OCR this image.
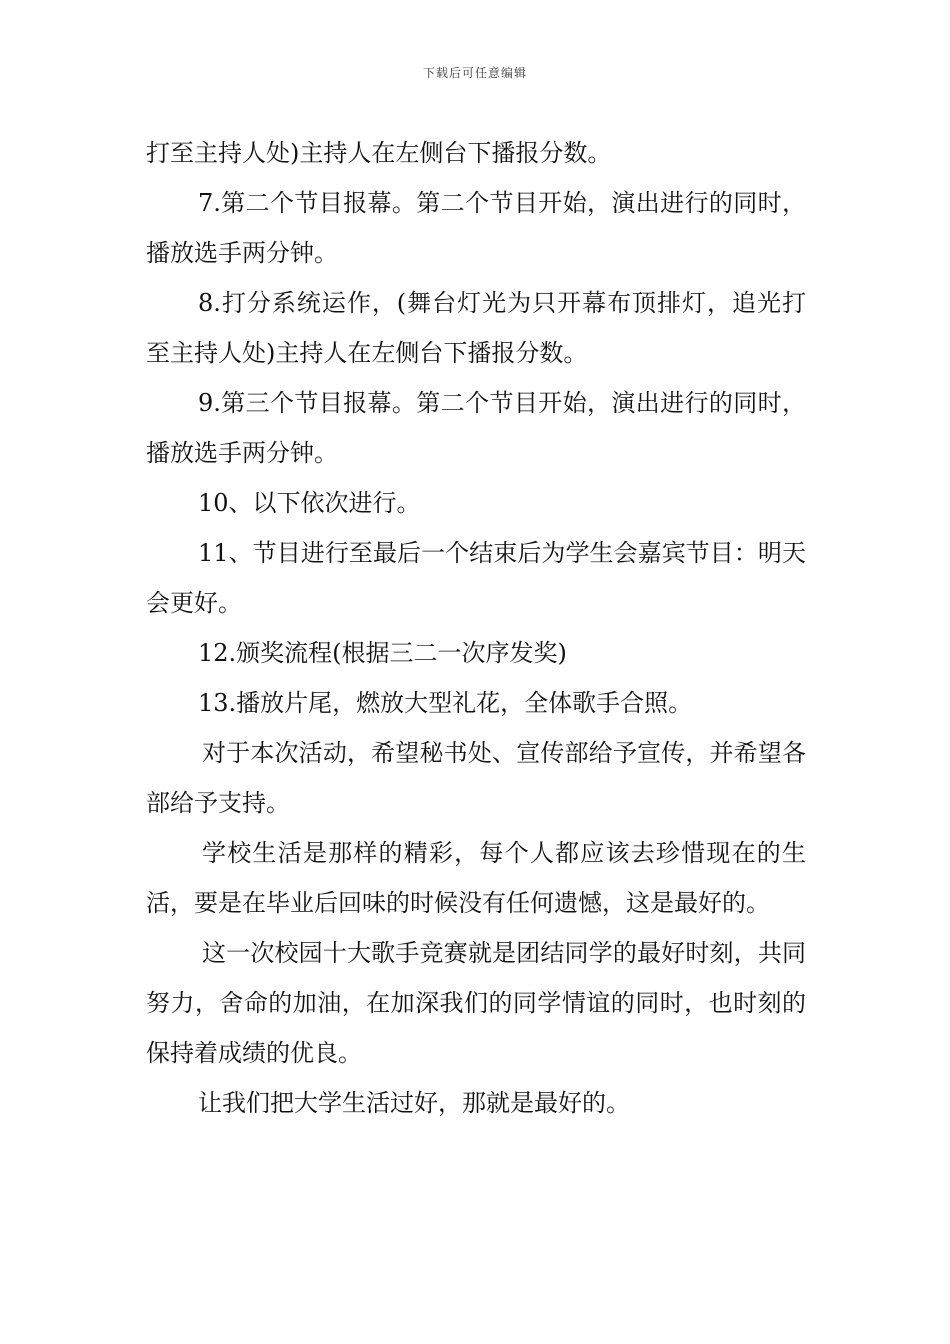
下载后可任意编辑

打至主持人处)主持人在左侧台下播报分数。

7.第二个节目报幕。第二个节目开始，演出进行的同时，播放选手两分钟。

8.打分系统运作，(舞台灯光为只开幕布顶排灯，追光打至主持人处)主持人在左侧台下播报分数。

9.第三个节目报幕。第二个节目开始，演出进行的同时，播放选手两分钟。

10、以下依次进行。

11、节目进行至最后一个结束后为学生会嘉宾节目：明天会更好。

12.颁奖流程(根据三二一次序发奖)

13.播放片尾，燃放大型礼花，全体歌手合照。

对于本次活动，希望秘书处、宣传部给予宣传，并希望各部给予支持。

学校生活是那样的精彩，每个人都应该去珍惜现在的生活，要是在毕业后回味的时候没有任何遗憾，这是最好的。

这一次校园十大歌手竞赛就是团结同学的最好时刻，共同努力，舍命的加油，在加深我们的同学情谊的同时，也时刻的保持着成绩的优良。

让我们把大学生活过好，那就是最好的。
